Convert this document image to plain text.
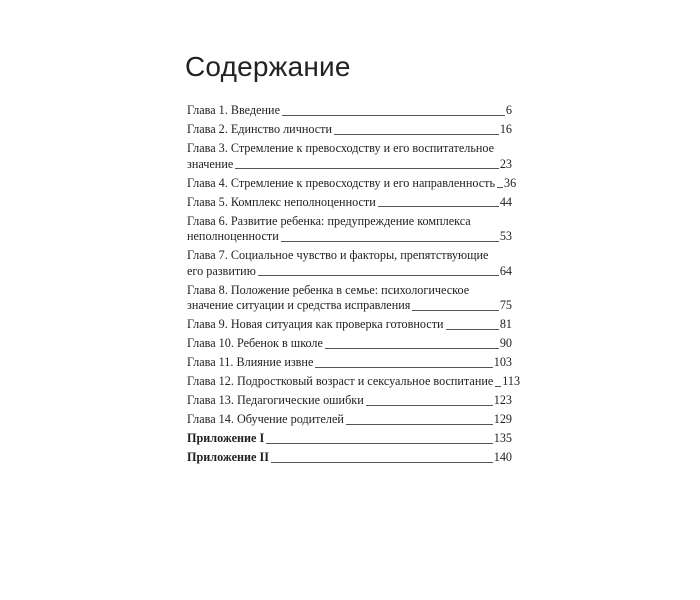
Содержание
Глава 1. Введение	6
Глава 2. Единство личности	16
Глава 3. Стремление к превосходству и его воспитательное
значение	23
Глава 4. Стремление к превосходству и его направленность 36
Глава 5. Комплекс неполноценности	44
Глава 6. Развитие ребенка: предупреждение комплекса
неполноценности	53
Глава 7. Социальное чувство и факторы, препятствующие
его развитию	64
Глава 8. Положение ребенка в семье: психологическое
значение ситуации и средства исправления	75
Глава 9. Новая ситуация как проверка готовности	81
Глава 10. Ребенок в школе	90
Глава 11. Влияние извне	103
Глава 12. Подростковый возраст и сексуальное воспитание 113
Глава 13. Педагогические ошибки	123
Глава 14. Обучение родителей	129
Приложение I	135
Приложение II	140
